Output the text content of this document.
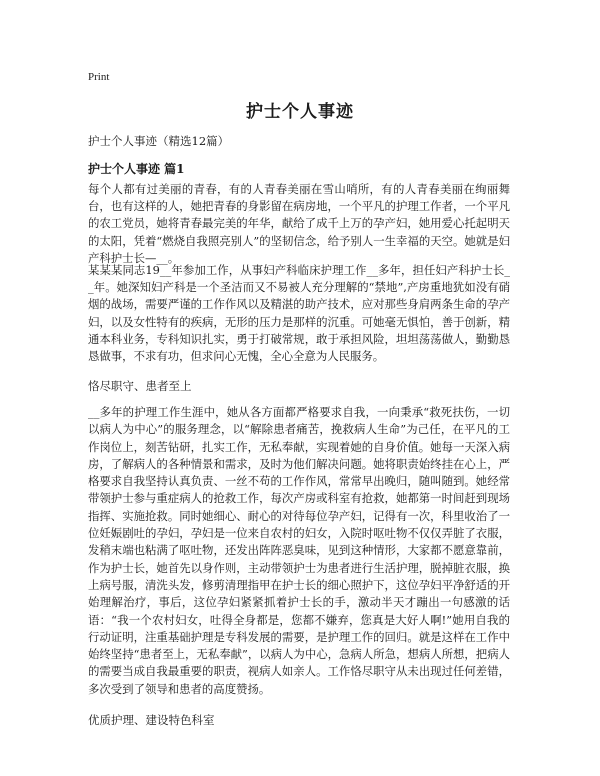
Print
护士个人事迹
护士个人事迹（精选12篇）
护士个人事迹 篇1
每个人都有过美丽的青春，有的人青春美丽在雪山哨所，有的人青春美丽在绚丽舞台，也有这样的人，她把青春的身影留在病房地，一个平凡的护理工作者，一个平凡的农工党员，她将青春最完美的年华，献给了成千上万的孕产妇，她用爱心托起明天的太阳，凭着“燃烧自我照亮别人”的坚韧信念，给予别人一生幸福的天空。她就是妇产科护士长—__。
某某某同志19__年参加工作，从事妇产科临床护理工作__多年，担任妇产科护士长__年。她深知妇产科是一个圣洁而又不易被人充分理解的“禁地”,产房重地犹如没有硝烟的战场，需要严谨的工作作风以及精湛的助产技术，应对那些身肩两条生命的孕产妇，以及女性特有的疾病，无形的压力是那样的沉重。可她毫无惧怕，善于创新，精通本科业务，专科知识扎实，勇于打破常规，敢于承担风险，坦坦荡荡做人，勤勤恳恳做事，不求有功，但求问心无愧，全心全意为人民服务。
恪尽职守、患者至上
__多年的护理工作生涯中，她从各方面都严格要求自我，一向秉承“救死扶伤，一切以病人为中心”的服务理念，以“解除患者痛苦，挽救病人生命”为己任，在平凡的工作岗位上，刻苦钻研，扎实工作，无私奉献，实现着她的自身价值。她每一天深入病房，了解病人的各种情景和需求，及时为他们解决问题。她将职责始终挂在心上，严格要求自我坚持认真负责、一丝不苟的工作作风，常常早出晚归，随叫随到。她经常带领护士参与重症病人的抢救工作，每次产房或科室有抢救，她都第一时间赶到现场指挥、实施抢救。同时她细心、耐心的对待每位孕产妇，记得有一次，科里收治了一位妊娠剧吐的孕妇，孕妇是一位来自农村的妇女，入院时呕吐物不仅仅弄脏了衣服，发稍末端也粘满了呕吐物，还发出阵阵恶臭味，见到这种情形，大家都不愿意靠前，作为护士长，她首先以身作则，主动带领护士为患者进行生活护理，脱掉脏衣服，换上病号服，清洗头发，修剪清理指甲在护士长的细心照护下，这位孕妇平净舒适的开始理解治疗，事后，这位孕妇紧紧抓着护士长的手，激动半天才蹦出一句感激的话语：“我一个农村妇女，吐得全身都是，您都不嫌弃，您真是大好人啊!”她用自我的行动证明，注重基础护理是专科发展的需要，是护理工作的回归。就是这样在工作中始终坚持“患者至上，无私奉献”，以病人为中心，急病人所急，想病人所想，把病人的需要当成自我最重要的职责，视病人如亲人。工作恪尽职守从未出现过任何差错，多次受到了领导和患者的高度赞扬。
优质护理、建设特色科室
